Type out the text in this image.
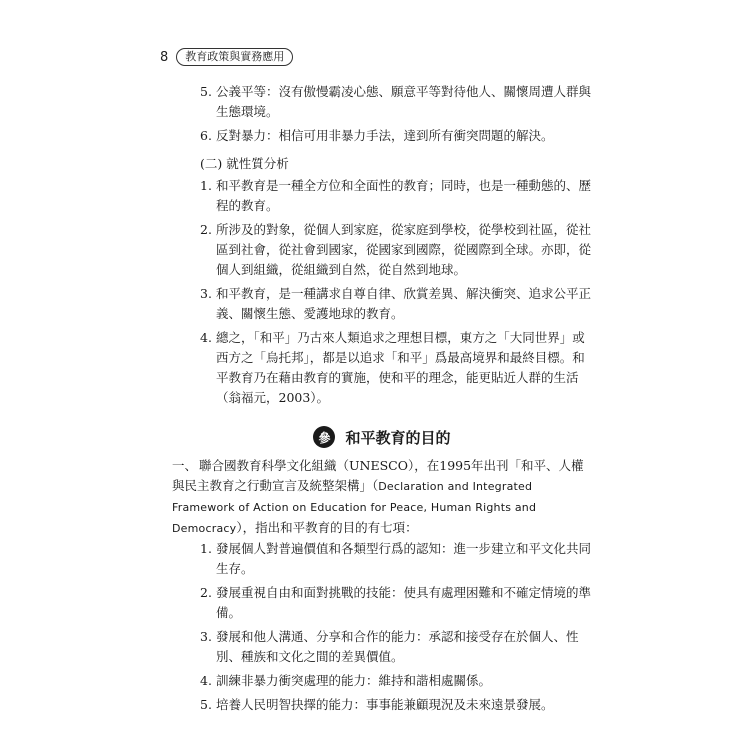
8	教育政策與實務應用
5. 公義平等：沒有傲慢霸凌心態、願意平等對待他人、關懷周遭人群與生態環境。
6. 反對暴力：相信可用非暴力手法，達到所有衝突問題的解決。
(二) 就性質分析
1. 和平教育是一種全方位和全面性的教育；同時，也是一種動態的、歷程的教育。
2. 所涉及的對象，從個人到家庭，從家庭到學校，從學校到社區，從社區到社會，從社會到國家，從國家到國際，從國際到全球。亦即，從個人到組織，從組織到自然，從自然到地球。
3. 和平教育，是一種講求自尊自律、欣賞差異、解決衝突、追求公平正義、關懷生態、愛護地球的教育。
4. 總之，「和平」乃古來人類追求之理想目標，東方之「大同世界」或西方之「烏托邦」，都是以追求「和平」爲最高境界和最終目標。和平教育乃在藉由教育的實施，使和平的理念，能更貼近人群的生活（翁福元，2003）。
參	和平教育的目的
一、 聯合國教育科學文化組織（UNESCO），在1995年出刊「和平、人權與民主教育之行動宣言及統整架構」（Declaration and Integrated Framework of Action on Education for Peace, Human Rights and Democracy），指出和平教育的目的有七項：
1. 發展個人對普遍價值和各類型行爲的認知：進一步建立和平文化共同生存。
2. 發展重視自由和面對挑戰的技能：使具有處理困難和不確定情境的準備。
3. 發展和他人溝通、分享和合作的能力：承認和接受存在於個人、性別、種族和文化之間的差異價值。
4. 訓練非暴力衝突處理的能力：維持和諧相處關係。
5. 培養人民明智抉擇的能力：事事能兼顧現況及未來遠景發展。
